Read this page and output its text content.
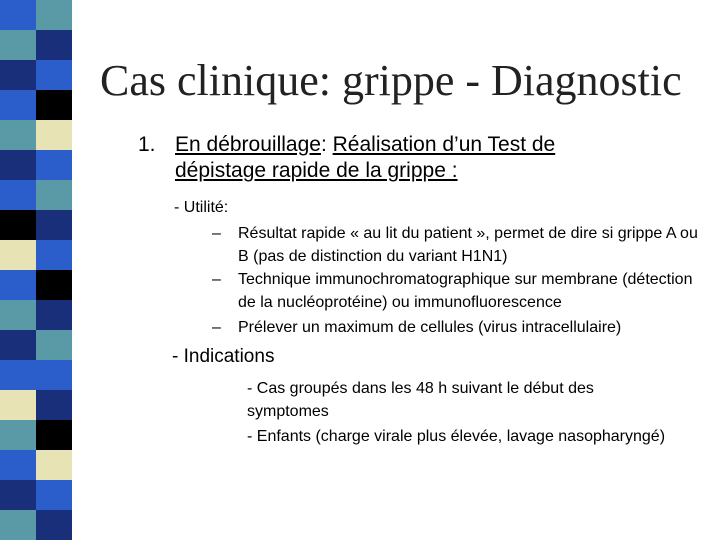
Cas clinique: grippe - Diagnostic
1. En débrouillage: Réalisation d’un Test de dépistage rapide de la grippe :
- Utilité:
– Résultat rapide « au lit du patient », permet de dire si grippe A ou B (pas de distinction du variant H1N1)
– Technique immunochromatographique sur membrane (détection de la nucléoprotéine) ou immunofluorescence
– Prélever un maximum de cellules (virus intracellulaire)
- Indications
- Cas groupés dans les 48 h suivant le début des symptomes
- Enfants (charge virale plus élevée, lavage nasopharyngé)
